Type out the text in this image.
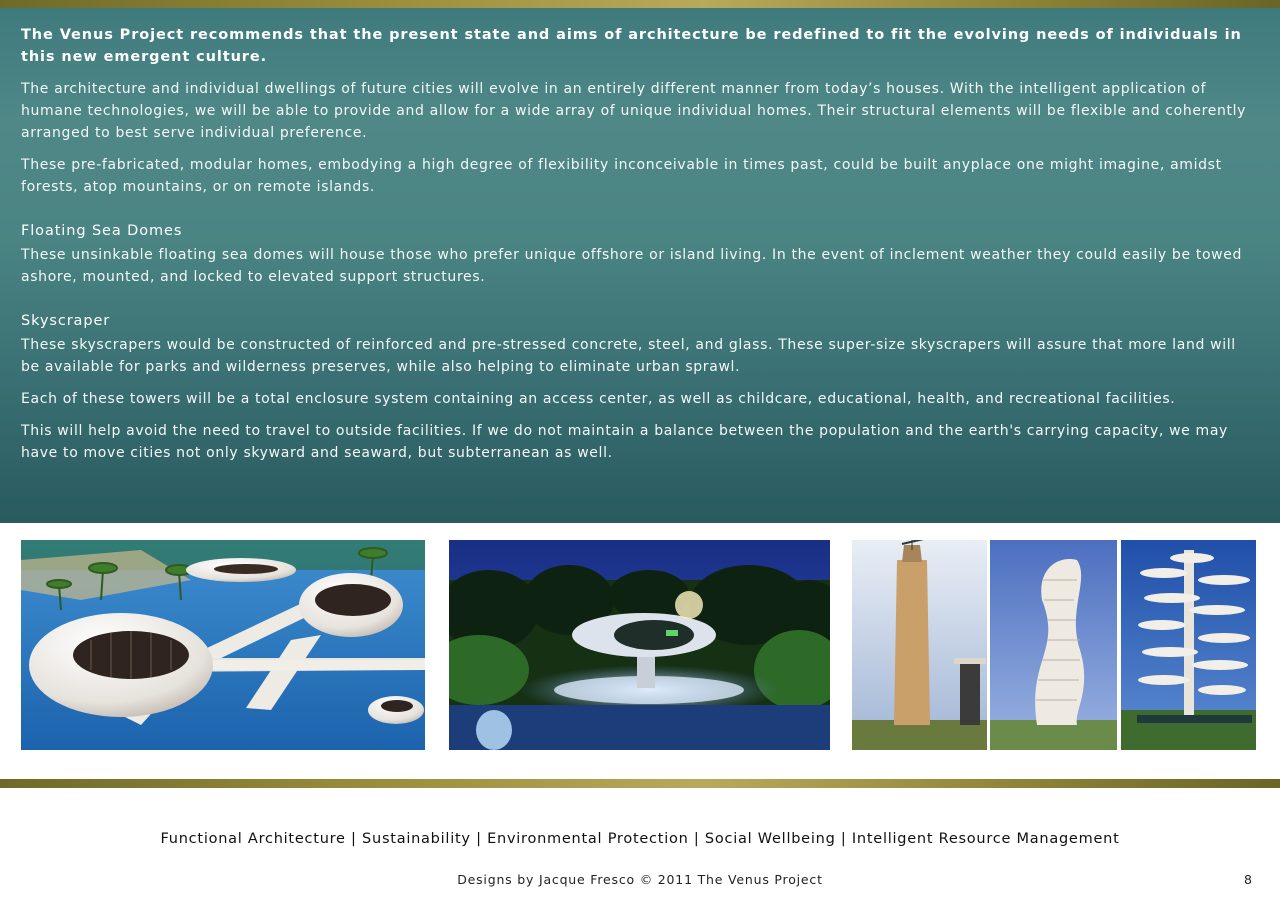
The Venus Project recommends that the present state and aims of architecture be redefined to fit the evolving needs of individuals in this new emergent culture.

The architecture and individual dwellings of future cities will evolve in an entirely different manner from today’s houses. With the intelligent application of humane technologies, we will be able to provide and allow for a wide array of unique individual homes. Their structural elements will be flexible and coherently arranged to best serve individual preference.

These pre-fabricated, modular homes, embodying a high degree of flexibility inconceivable in times past, could be built anyplace one might imagine, amidst forests, atop mountains, or on remote islands.

Floating Sea Domes

These unsinkable floating sea domes will house those who prefer unique offshore or island living. In the event of inclement weather they could easily be towed ashore, mounted, and locked to elevated support structures.

Skyscraper

These skyscrapers would be constructed of reinforced and pre-stressed concrete, steel, and glass. These super-size skyscrapers will assure that more land will be available for parks and wilderness preserves, while also helping to eliminate urban sprawl.

Each of these towers will be a total enclosure system containing an access center, as well as childcare, educational, health, and recreational facilities.

This will help avoid the need to travel to outside facilities. If we do not maintain a balance between the population and the earth's carrying capacity, we may have to move cities not only skyward and seaward, but subterranean as well.

Functional Architecture | Sustainability | Environmental Protection | Social Wellbeing | Intelligent Resource Management
Designs by Jacque Fresco © 2011 The Venus Project	8
